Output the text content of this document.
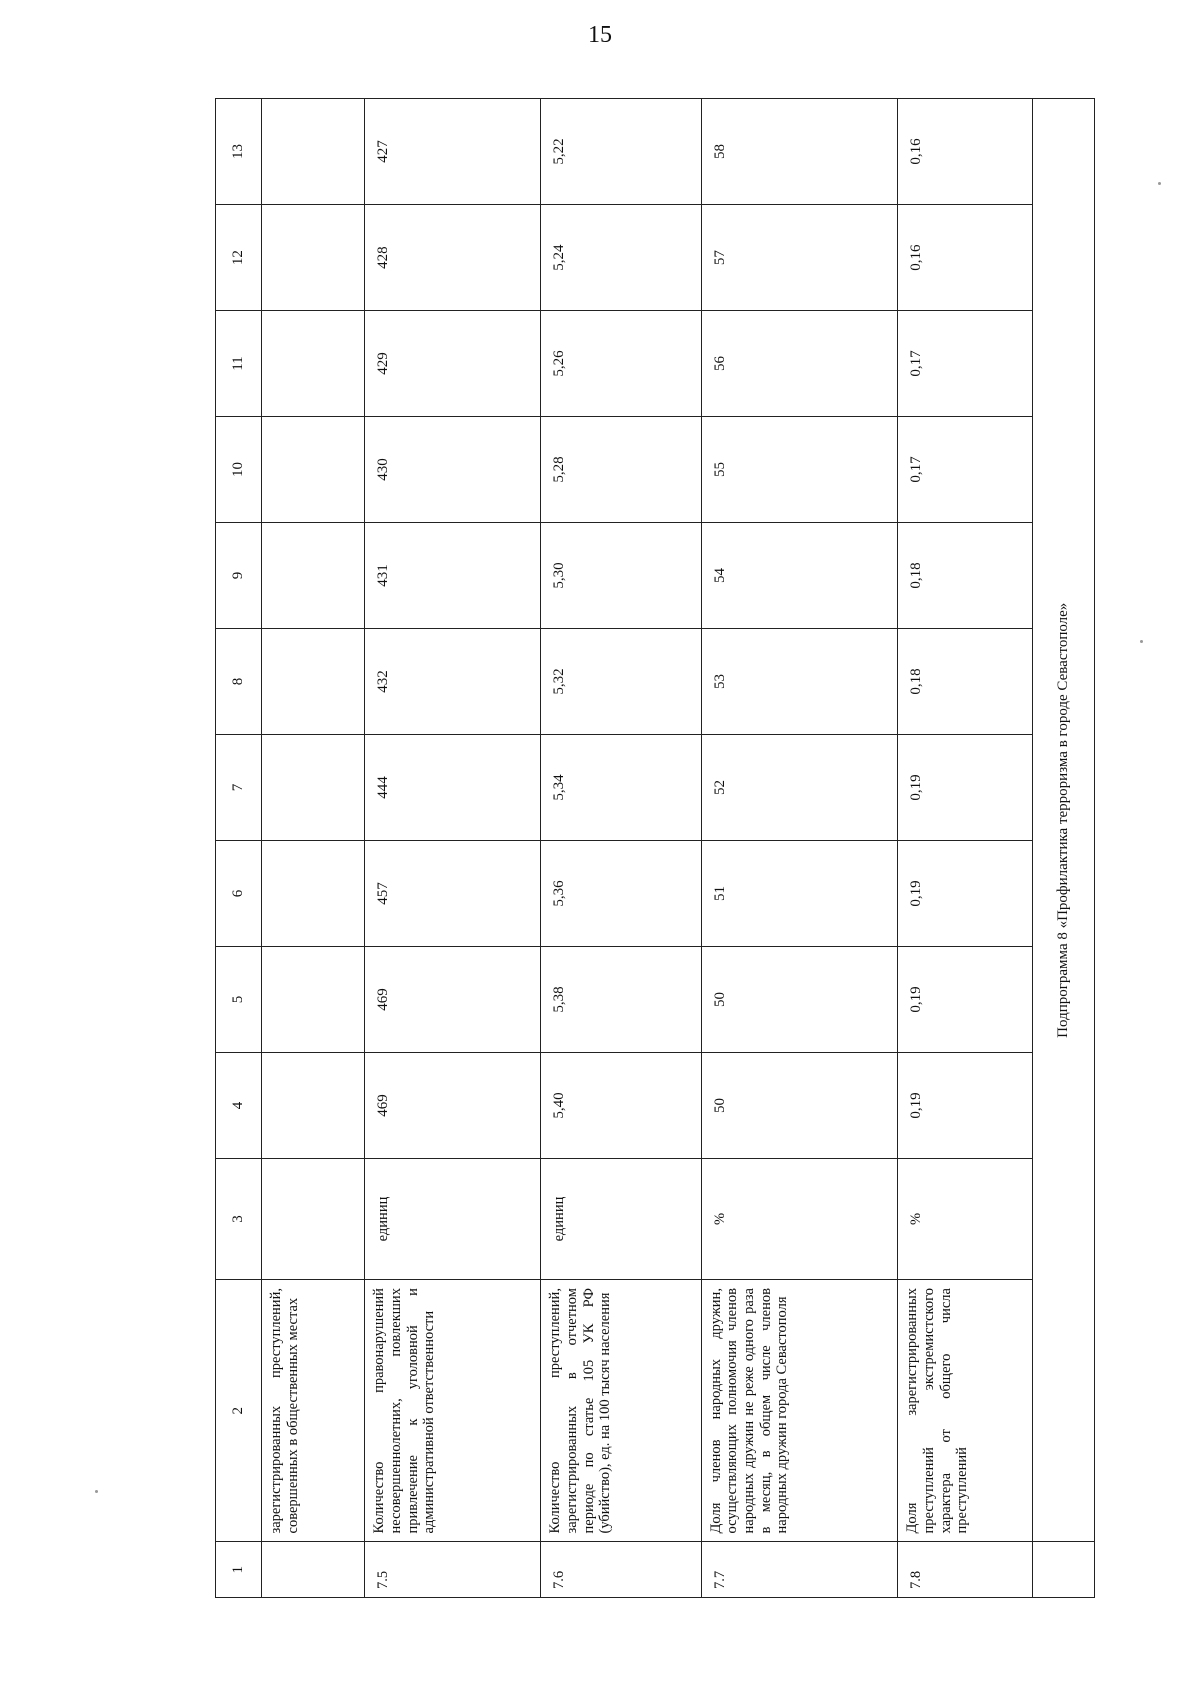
15
1	2	3	4	5	6	7	8	9	10	11	12	13
	зарегистрированных преступлений, совершенных в общественных местах											
7.5	Количество правонарушений несовершеннолетних, повлекших привлечение к уголовной и административной ответственности	единиц	469	469	457	444	432	431	430	429	428	427
7.6	Количество преступлений, зарегистрированных в отчетном периоде по статье 105 УК РФ (убийство), ед. на 100 тысяч населения	единиц	5,40	5,38	5,36	5,34	5,32	5,30	5,28	5,26	5,24	5,22
7.7	Доля членов народных дружин, осуществляющих полномочия членов народных дружин не реже одного раза в месяц, в общем числе членов народных дружин города Севастополя	%	50	50	51	52	53	54	55	56	57	58
7.8	Доля зарегистрированных преступлений экстремистского характера от общего числа преступлений	%	0,19	0,19	0,19	0,19	0,18	0,18	0,17	0,17	0,16	0,16
	Подпрограмма 8 «Профилактика терроризма в городе Севастополе»											
